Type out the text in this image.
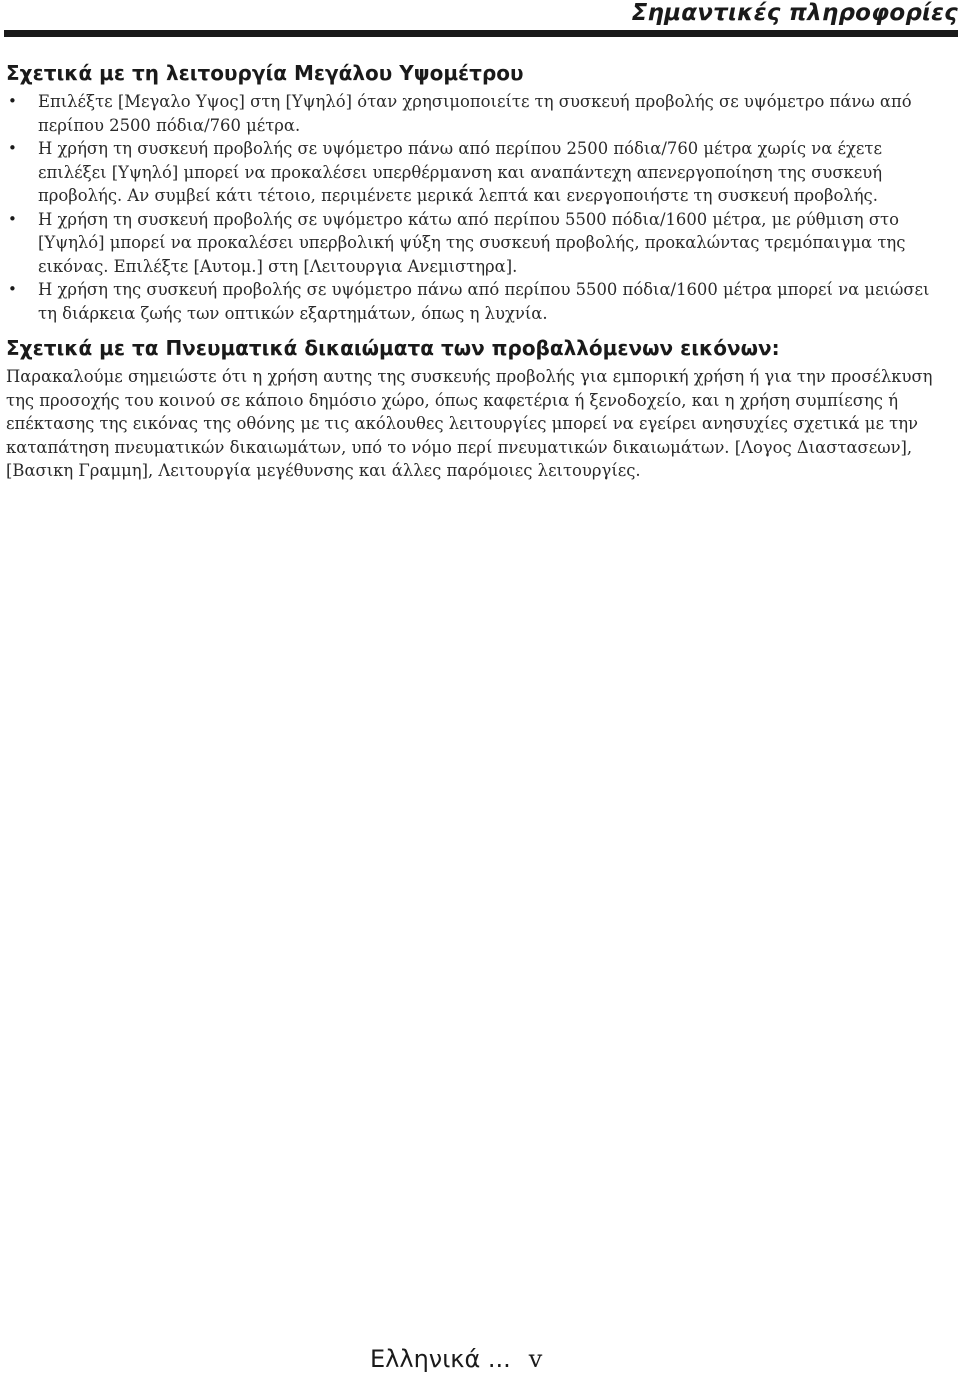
Σημαντικές πληροφορίες
Σχετικά με τη λειτουργία Μεγάλου Υψομέτρου
• Επιλέξτε [Μεγαλο Υψος] στη [Υψηλό] όταν χρησιμοποιείτε τη συσκευή προβολής σε υψόμετρο πάνω από περίπου 2500 πόδια/760 μέτρα.
• Η χρήση τη συσκευή προβολής σε υψόμετρο πάνω από περίπου 2500 πόδια/760 μέτρα χωρίς να έχετε επιλέξει [Υψηλό] μπορεί να προκαλέσει υπερθέρμανση και αναπάντεχη απενεργοποίηση της συσκευή προβολής. Αν συμβεί κάτι τέτοιο, περιμένετε μερικά λεπτά και ενεργοποιήστε τη συσκευή προβολής.
• Η χρήση τη συσκευή προβολής σε υψόμετρο κάτω από περίπου 5500 πόδια/1600 μέτρα, με ρύθμιση στο [Υψηλό] μπορεί να προκαλέσει υπερβολική ψύξη της συσκευή προβολής, προκαλώντας τρεμόπαιγμα της εικόνας. Επιλέξτε [Αυτομ.] στη [Λειτουργια Ανεμιστηρα].
• Η χρήση της συσκευή προβολής σε υψόμετρο πάνω από περίπου 5500 πόδια/1600 μέτρα μπορεί να μειώσει τη διάρκεια ζωής των οπτικών εξαρτημάτων, όπως η λυχνία.
Σχετικά με τα Πνευματικά δικαιώματα των προβαλλόμενων εικόνων:

Παρακαλούμε σημειώστε ότι η χρήση αυτης της συσκευής προβολής για εμπορική χρήση ή για την προσέλκυση της προσοχής του κοινού σε κάποιο δημόσιο χώρο, όπως καφετέρια ή ξενοδοχείο, και η χρήση συμπίεσης ή επέκτασης της εικόνας της οθόνης με τις ακόλουθες λειτουργίες μπορεί να εγείρει ανησυχίες σχετικά με την καταπάτηση πνευματικών δικαιωμάτων, υπό το νόμο περί πνευματικών δικαιωμάτων. [Λογος Διαστασεων], [Βασικη Γραμμη], Λειτουργία μεγέθυνσης και άλλες παρόμοιες λειτουργίες.

Ελληνικά ... v
